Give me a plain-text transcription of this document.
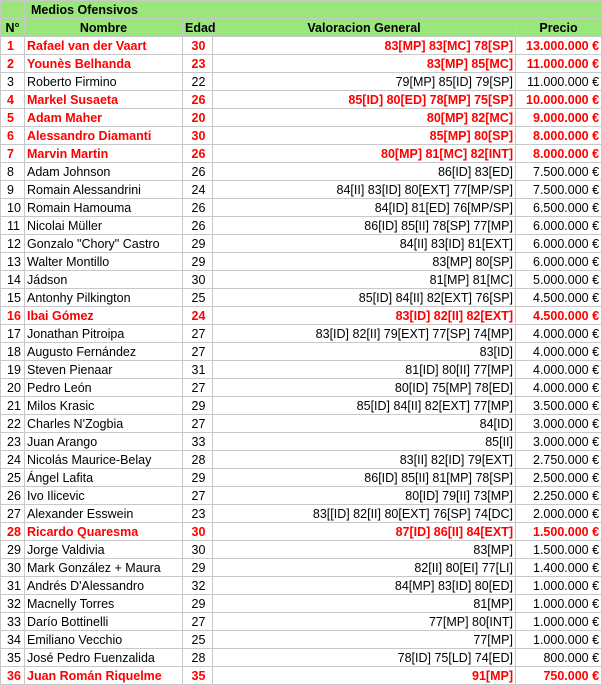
	Medios Ofensivos			
N°	Nombre	Edad	Valoracion General	Precio
1	Rafael van der Vaart	30	83[MP] 83[MC] 78[SP]	13.000.000 €
2	Younès Belhanda	23	83[MP] 85[MC]	11.000.000 €
3	Roberto Firmino	22	79[MP] 85[ID] 79[SP]	11.000.000 €
4	Markel Susaeta	26	85[ID] 80[ED] 78[MP] 75[SP]	10.000.000 €
5	Adam Maher	20	80[MP] 82[MC]	9.000.000 €
6	Alessandro Diamanti	30	85[MP] 80[SP]	8.000.000 €
7	Marvin Martin	26	80[MP] 81[MC] 82[INT]	8.000.000 €
8	Adam Johnson	26	86[ID] 83[ED]	7.500.000 €
9	Romain Alessandrini	24	84[II] 83[ID] 80[EXT] 77[MP/SP]	7.500.000 €
10	Romain Hamouma	26	84[ID] 81[ED] 76[MP/SP]	6.500.000 €
11	Nicolai Müller	26	86[ID] 85[II] 78[SP] 77[MP]	6.000.000 €
12	Gonzalo "Chory" Castro	29	84[II] 83[ID] 81[EXT]	6.000.000 €
13	Walter Montillo	29	83[MP] 80[SP]	6.000.000 €
14	Jádson	30	81[MP] 81[MC]	5.000.000 €
15	Antonhy Pilkington	25	85[ID] 84[II] 82[EXT] 76[SP]	4.500.000 €
16	Ibai Gómez	24	83[ID] 82[II] 82[EXT]	4.500.000 €
17	Jonathan Pitroipa	27	83[ID] 82[II] 79[EXT] 77[SP] 74[MP]	4.000.000 €
18	Augusto Fernández	27	83[ID]	4.000.000 €
19	Steven Pienaar	31	81[ID] 80[II] 77[MP]	4.000.000 €
20	Pedro León	27	80[ID] 75[MP] 78[ED]	4.000.000 €
21	Milos Krasic	29	85[ID] 84[II] 82[EXT] 77[MP]	3.500.000 €
22	Charles N'Zogbia	27	84[ID]	3.000.000 €
23	Juan Arango	33	85[II]	3.000.000 €
24	Nicolás Maurice-Belay	28	83[II] 82[ID] 79[EXT]	2.750.000 €
25	Ángel Lafita	29	86[ID] 85[II] 81[MP] 78[SP]	2.500.000 €
26	Ivo Ilicevic	27	80[ID] 79[II] 73[MP]	2.250.000 €
27	Alexander Esswein	23	83[[ID] 82[II] 80[EXT] 76[SP] 74[DC]	2.000.000 €
28	Ricardo Quaresma	30	87[ID] 86[II] 84[EXT]	1.500.000 €
29	Jorge Valdivia	30	83[MP]	1.500.000 €
30	Mark González + Maura	29	82[II] 80[EI] 77[LI]	1.400.000 €
31	Andrés D'Alessandro	32	84[MP] 83[ID] 80[ED]	1.000.000 €
32	Macnelly Torres	29	81[MP]	1.000.000 €
33	Darío Bottinelli	27	77[MP] 80[INT]	1.000.000 €
34	Emiliano Vecchio	25	77[MP]	1.000.000 €
35	José Pedro Fuenzalida	28	78[ID] 75[LD] 74[ED]	800.000 €
36	Juan Román Riquelme	35	91[MP]	750.000 €
